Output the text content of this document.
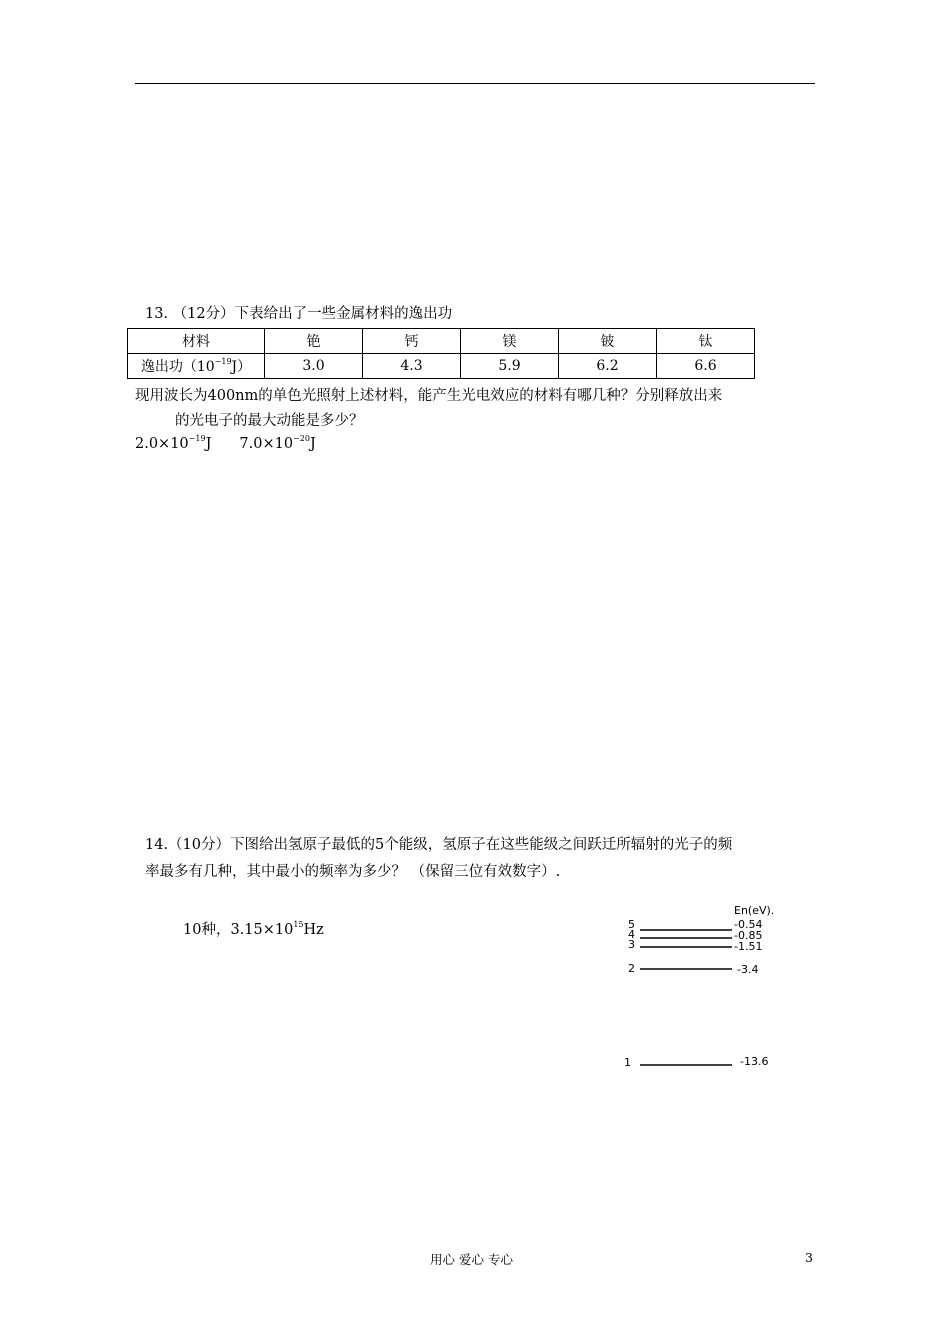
13. （12分）下表给出了一些金属材料的逸出功
材料	铯	钙	镁	铍	钛
逸出功$(10^{-19}J)$	3.0	4.3	5.9	6.2	6.6
现用波长为400nm的单色光照射上述材料，能产生光电效应的材料有哪几种？分别释放出来
的光电子的最大动能是多少？
$2.0\times 10^{-19}J$ $7.0\times 10^{-20}J$
14.（10分）下图给出氢原子最低的5个能级，氢原子在这些能级之间跃迁所辐射的光子的频
率最多有几种，其中最小的频率为多少？ （保留三位有效数字）.
10种，$3.15\times 10^{15}Hz$
En(eV).
5	-0.54
4	-0.85
3	-1.51
2	-3.4
1	-13.6
用心 爱心 专心	3
